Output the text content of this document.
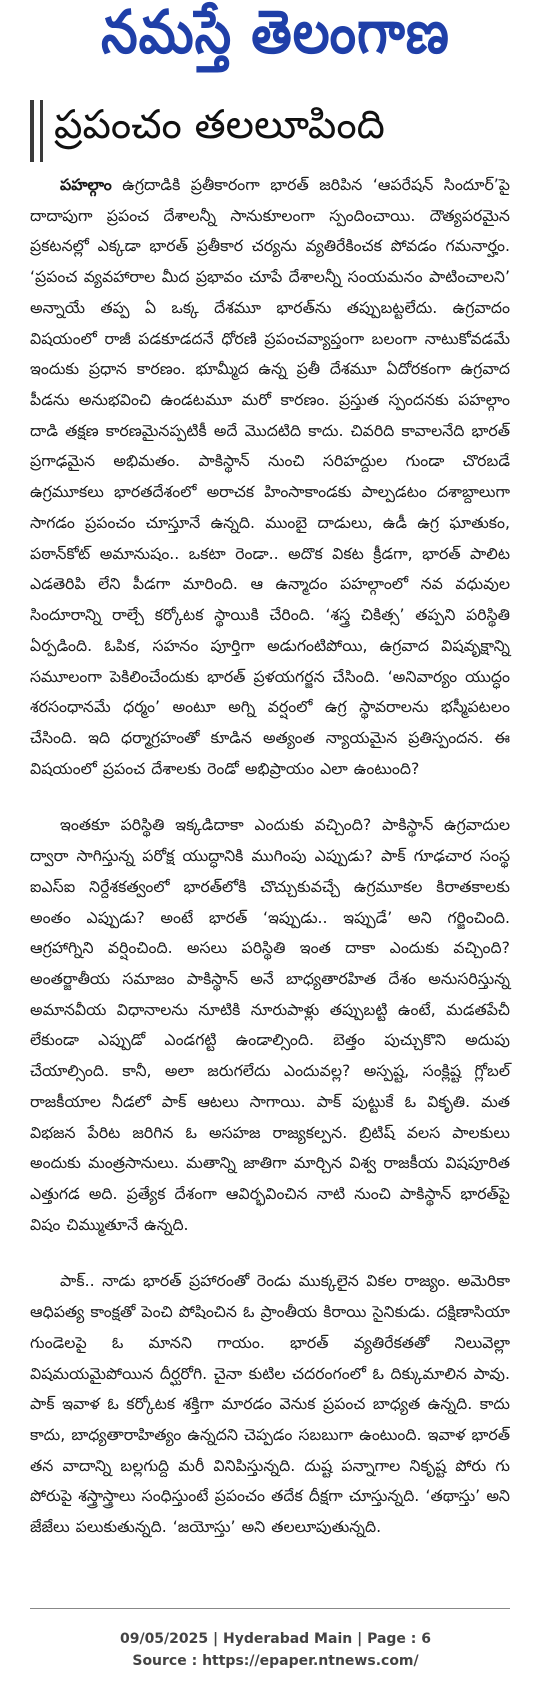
నమస్తే తెలంగాణ
ప్రపంచం తలలూపింది

పహల్గాం ఉగ్రదాడికి ప్రతీకారంగా భారత్ జరిపిన ‘ఆపరేషన్ సిందూర్’పై దాదాపుగా ప్రపంచ దేశాలన్నీ సానుకూలంగా స్పందించాయి. దౌత్యపరమైన ప్రకటనల్లో ఎక్కడా భారత్ ప్రతీకార చర్యను వ్యతిరేకించక పోవడం గమనార్హం. ‘ప్రపంచ వ్యవహారాల మీద ప్రభావం చూపే దేశాలన్నీ సంయమనం పాటించాలని’ అన్నాయే తప్ప ఏ ఒక్క దేశమూ భారత్‌ను తప్పుబట్టలేదు. ఉగ్రవాదం విషయంలో రాజీ పడకూడదనే ధోరణి ప్రపంచవ్యాప్తంగా బలంగా నాటుకోవడమే ఇందుకు ప్రధాన కారణం. భూమ్మీద ఉన్న ప్రతీ దేశమూ ఏదోరకంగా ఉగ్రవాద పీడను అనుభవించి ఉండటమూ మరో కారణం. ప్రస్తుత స్పందనకు పహల్గాం దాడి తక్షణ కారణమైనప్పటికీ అదే మొదటిది కాదు. చివరిది కావాలనేది భారత్ ప్రగాఢమైన అభిమతం. పాకిస్థాన్ నుంచి సరిహద్దుల గుండా చొరబడే ఉగ్రమూకలు భారతదేశంలో అరాచక హింసాకాండకు పాల్పడటం దశాబ్దాలుగా సాగడం ప్రపంచం చూస్తూనే ఉన్నది. ముంబై దాడులు, ఉడీ ఉగ్ర ఘాతుకం, పఠాన్‌కోట్ అమానుషం.. ఒకటా రెండా.. అదొక వికట క్రీడగా, భారత్ పాలిట ఎడతెరిపి లేని పీడగా మారింది. ఆ ఉన్మాదం పహల్గాంలో నవ వధువుల సిందూరాన్ని రాల్చే కర్కోటక స్థాయికి చేరింది. ‘శస్త్ర చికిత్స’ తప్పని పరిస్థితి ఏర్పడింది. ఓపిక, సహనం పూర్తిగా అడుగంటిపోయి, ఉగ్రవాద విషవృక్షాన్ని సమూలంగా పెకిలించేందుకు భారత్ ప్రళయగర్జన చేసింది. ‘అనివార్యం యుద్ధం శరసంధానమే ధర్మం’ అంటూ అగ్ని వర్షంలో ఉగ్ర స్థావరాలను భస్మీపటలం చేసింది. ఇది ధర్మాగ్రహంతో కూడిన అత్యంత న్యాయమైన ప్రతిస్పందన. ఈ విషయంలో ప్రపంచ దేశాలకు రెండో అభిప్రాయం ఎలా ఉంటుంది?

ఇంతకూ పరిస్థితి ఇక్కడిదాకా ఎందుకు వచ్చింది? పాకిస్థాన్ ఉగ్రవాదుల ద్వారా సాగిస్తున్న పరోక్ష యుద్ధానికి ముగింపు ఎప్పుడు? పాక్ గూఢచార సంస్థ ఐఎస్‌ఐ నిర్దేశకత్వంలో భారత్‌లోకి చొచ్చుకువచ్చే ఉగ్రమూకల కిరాతకాలకు అంతం ఎప్పుడు? అంటే భారత్ ‘ఇప్పుడు.. ఇప్పుడే’ అని గర్జించింది. ఆగ్రహాగ్నిని వర్షించింది. అసలు పరిస్థితి ఇంత దాకా ఎందుకు వచ్చింది? అంతర్జాతీయ సమాజం పాకిస్థాన్ అనే బాధ్యతారహిత దేశం అనుసరిస్తున్న అమానవీయ విధానాలను నూటికి నూరుపాళ్లు తప్పుబట్టి ఉంటే, మడతపేచీ లేకుండా ఎప్పుడో ఎండగట్టి ఉండాల్సింది. బెత్తం పుచ్చుకొని అదుపు చేయాల్సింది. కానీ, అలా జరుగలేదు ఎందువల్ల? అస్పష్ట, సంక్లిష్ట గ్లోబల్ రాజకీయాల నీడలో పాక్ ఆటలు సాగాయి. పాక్ పుట్టుకే ఓ వికృతి. మత విభజన పేరిట జరిగిన ఓ అసహజ రాజ్యకల్పన. బ్రిటిష్ వలస పాలకులు అందుకు మంత్రసానులు. మతాన్ని జాతిగా మార్చిన విశ్వ రాజకీయ విషపూరిత ఎత్తుగడ అది. ప్రత్యేక దేశంగా ఆవిర్భవించిన నాటి నుంచి పాకిస్థాన్ భారత్‌పై విషం చిమ్ముతూనే ఉన్నది.

పాక్.. నాడు భారత్ ప్రహారంతో రెండు ముక్కలైన వికల రాజ్యం. అమెరికా ఆధిపత్య కాంక్షతో పెంచి పోషించిన ఓ ప్రాంతీయ కిరాయి సైనికుడు. దక్షిణాసియా గుండెలపై ఓ మానని గాయం. భారత్ వ్యతిరేకతతో నిలువెల్లా విషమయమైపోయిన దీర్ఘరోగి. చైనా కుటిల చదరంగంలో ఓ దిక్కుమాలిన పావు. పాక్ ఇవాళ ఓ కర్కోటక శక్తిగా మారడం వెనుక ప్రపంచ బాధ్యత ఉన్నది. కాదు కాదు, బాధ్యతారాహిత్యం ఉన్నదని చెప్పడం సబబుగా ఉంటుంది. ఇవాళ భారత్ తన వాదాన్ని బల్లగుద్ది మరీ వినిపిస్తున్నది. దుష్ట పన్నాగాల నికృష్ట పోరు గు పోరుపై శస్త్రాస్త్రాలు సంధిస్తుంటే ప్రపంచం తదేక దీక్షగా చూస్తున్నది. ‘తథాస్తు’ అని జేజేలు పలుకుతున్నది. ‘జయోస్తు’ అని తలలూపుతున్నది.

09/05/2025 | Hyderabad Main | Page : 6
Source : https://epaper.ntnews.com/
